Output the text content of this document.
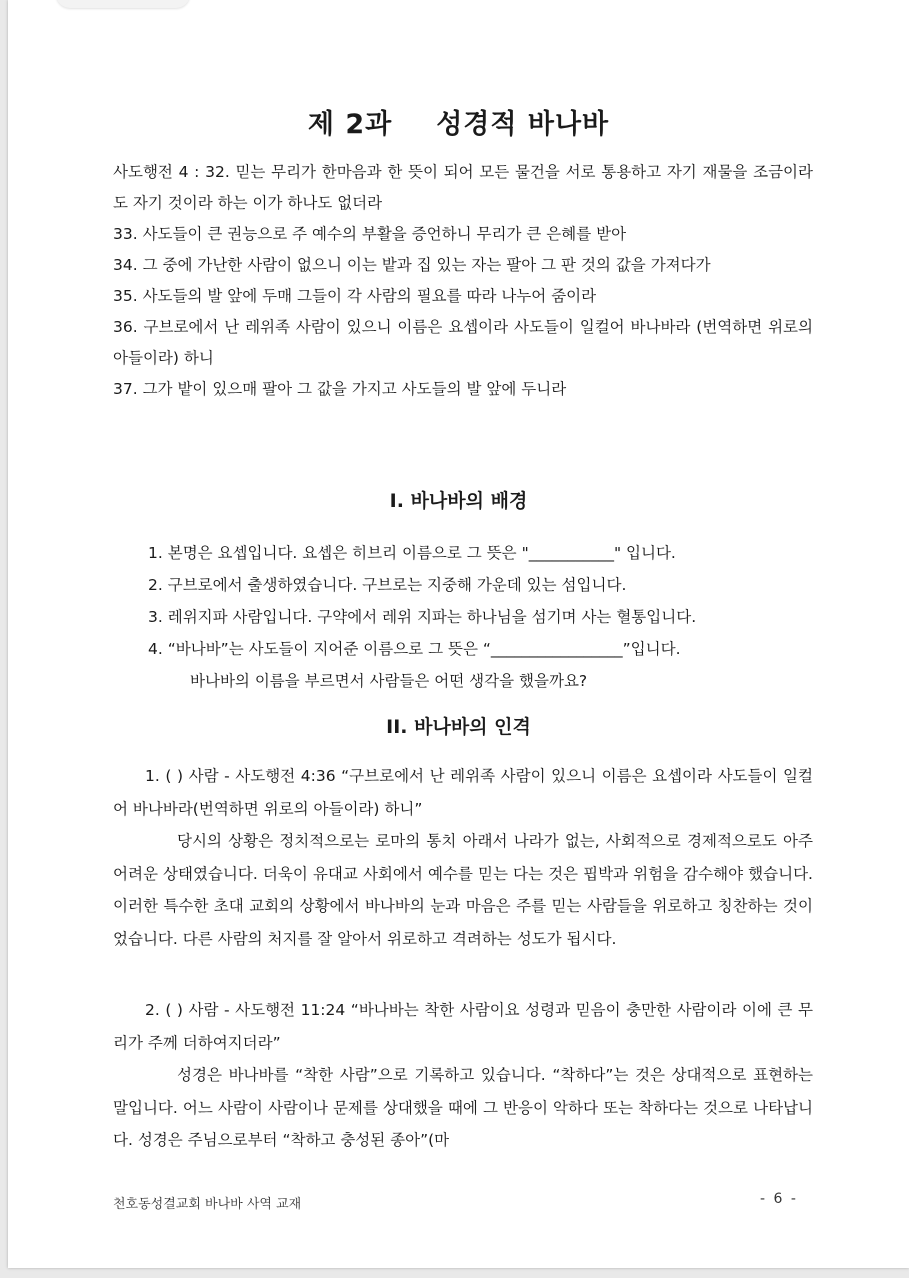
제 2과 성경적 바나바

사도행전 4 : 32. 믿는 무리가 한마음과 한 뜻이 되어 모든 물건을 서로 통용하고 자기 재물을 조금이라도 자기 것이라 하는 이가 하나도 없더라

33. 사도들이 큰 권능으로 주 예수의 부활을 증언하니 무리가 큰 은혜를 받아

34. 그 중에 가난한 사람이 없으니 이는 밭과 집 있는 자는 팔아 그 판 것의 값을 가져다가

35. 사도들의 발 앞에 두매 그들이 각 사람의 필요를 따라 나누어 줌이라

36. 구브로에서 난 레위족 사람이 있으니 이름은 요셉이라 사도들이 일컬어 바나바라 (번역하면 위로의 아들이라) 하니

37. 그가 밭이 있으매 팔아 그 값을 가지고 사도들의 발 앞에 두니라

I. 바나바의 배경

1. 본명은 요셉입니다. 요셉은 히브리 이름으로 그 뜻은 "___________" 입니다.

2. 구브로에서 출생하였습니다. 구브로는 지중해 가운데 있는 섬입니다.

3. 레위지파 사람입니다. 구약에서 레위 지파는 하나님을 섬기며 사는 혈통입니다.

4. “바나바”는 사도들이 지어준 이름으로 그 뜻은 “_________________”입니다.

바나바의 이름을 부르면서 사람들은 어떤 생각을 했을까요?

II. 바나바의 인격

1. ( ) 사람 - 사도행전 4:36 “구브로에서 난 레위족 사람이 있으니 이름은 요셉이라 사도들이 일컬어 바나바라(번역하면 위로의 아들이라) 하니”

당시의 상황은 정치적으로는 로마의 통치 아래서 나라가 없는, 사회적으로 경제적으로도 아주 어려운 상태였습니다. 더욱이 유대교 사회에서 예수를 믿는 다는 것은 핍박과 위험을 감수해야 했습니다. 이러한 특수한 초대 교회의 상황에서 바나바의 눈과 마음은 주를 믿는 사람들을 위로하고 칭찬하는 것이었습니다. 다른 사람의 처지를 잘 알아서 위로하고 격려하는 성도가 됩시다.

2. ( ) 사람 - 사도행전 11:24 “바나바는 착한 사람이요 성령과 믿음이 충만한 사람이라 이에 큰 무리가 주께 더하여지더라”

성경은 바나바를 “착한 사람”으로 기록하고 있습니다. “착하다”는 것은 상대적으로 표현하는 말입니다. 어느 사람이 사람이나 문제를 상대했을 때에 그 반응이 악하다 또는 착하다는 것으로 나타납니다. 성경은 주님으로부터 “착하고 충성된 종아”(마

천호동성결교회 바나바 사역 교재	- 6 -
